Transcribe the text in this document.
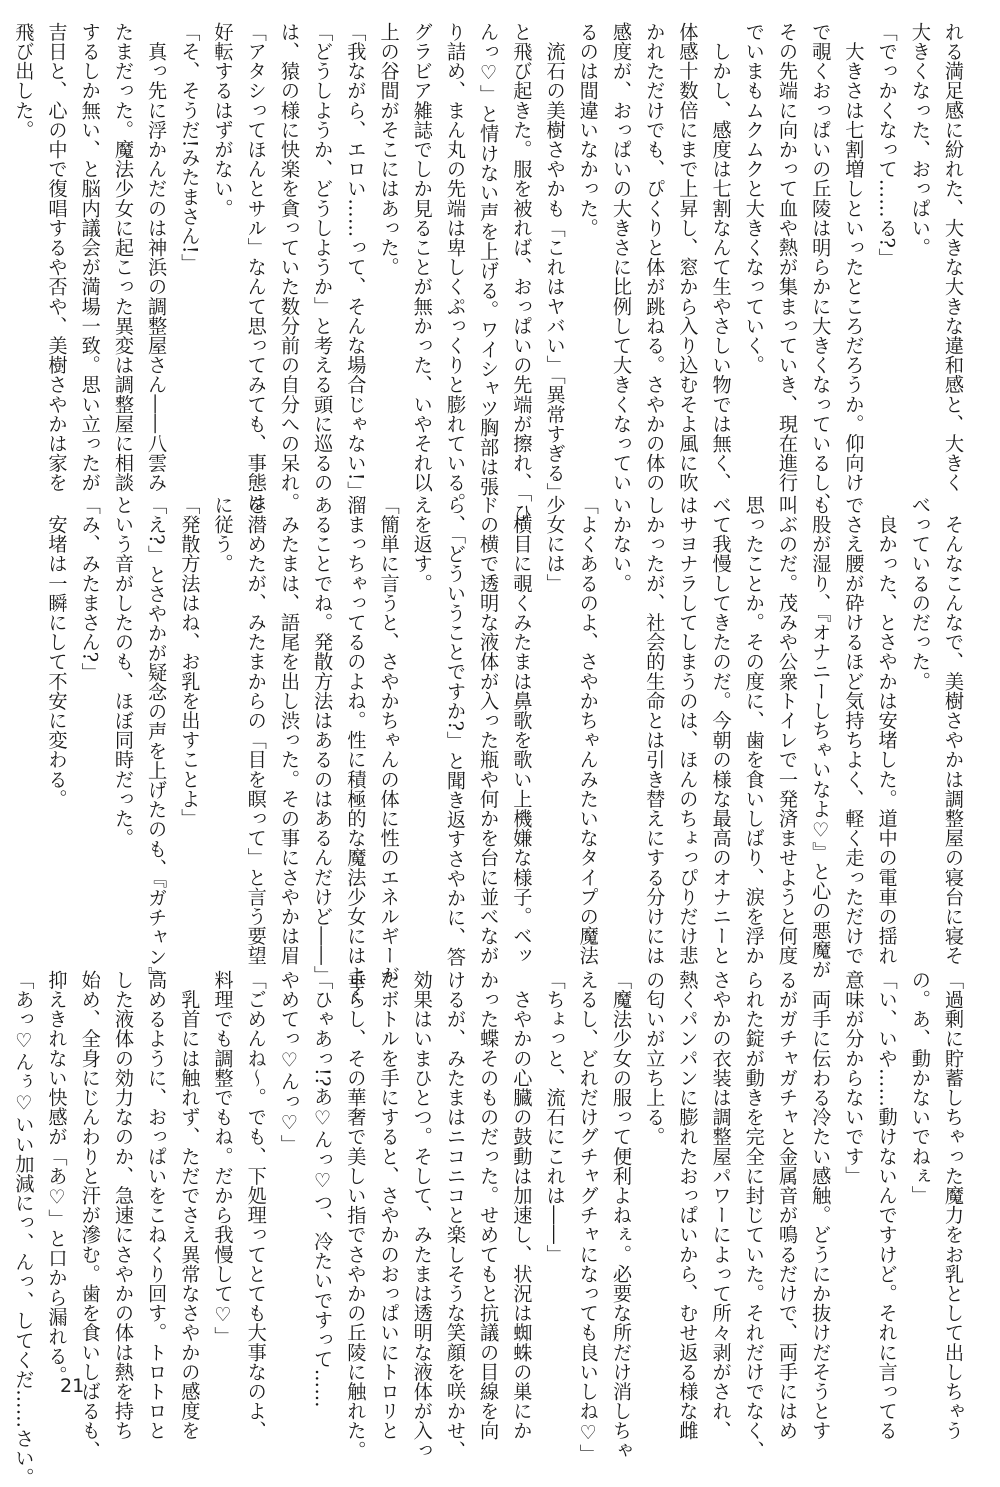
れる満足感に紛れた、大きな大きな違和感と、大きく

大きくなった、おっぱい。

「でっかくなって……る?」

　大きさは七割増しといったところだろうか。仰向け

で覗くおっぱいの丘陵は明らかに大きくなっているし、

その先端に向かって血や熱が集まっていき、現在進行

でいまもムクムクと大きくなっていく。

　しかし、感度は七割なんて生やさしい物では無く、

体感十数倍にまで上昇し、窓から入り込むそよ風に吹

かれただけでも、ぴくりと体が跳ねる。さやかの体の

感度が、おっぱいの大きさに比例して大きくなってい

るのは間違いなかった。

　流石の美樹さやかも「これはヤバい」「異常すぎる」

と飛び起きた。服を被れば、おっぱいの先端が擦れ、「ひ

んっ♡」と情けない声を上げる。ワイシャツ胸部は張

り詰め、まん丸の先端は卑しくぷっくりと膨れている。

グラビア雑誌でしか見ることが無かった、いやそれ以

上の谷間がそこにはあった。

「我ながら、エロい……って、そんな場合じゃない!」

「どうしようか、どうしようか」と考える頭に巡るの

は、猿の様に快楽を貪っていた数分前の自分への呆れ。

「アタシってほんとサル」なんて思ってみても、事態は

好転するはずがない。

「そ、そうだ!みたまさん!」

　真っ先に浮かんだのは神浜の調整屋さん――八雲み

たまだった。魔法少女に起こった異変は調整屋に相談

するしか無い、と脳内議会が満場一致。思い立ったが

吉日と、心の中で復唱するや否や、美樹さやかは家を

飛び出した。

　そんなこんなで、美樹さやかは調整屋の寝台に寝そ

べっているのだった。

　良かった、とさやかは安堵した。道中の電車の揺れ

でさえ腰が砕けるほど気持ちよく、軽く走っただけで

も股が湿り、『オナニーしちゃいなよ♡』と心の悪魔が

叫ぶのだ。茂みや公衆トイレで一発済ませようと何度

思ったことか。その度に、歯を食いしばり、涙を浮か

べて我慢してきたのだ。今朝の様な最高のオナニーと

はサヨナラしてしまうのは、ほんのちょっぴりだけ悲

しかったが、社会的生命とは引き替えにする分けには

いかない。

「よくあるのよ、さやかちゃんみたいなタイプの魔法

少女には」

　横目に覗くみたまは鼻歌を歌い上機嫌な様子。ベッ

ドの横で透明な液体が入った瓶や何かを台に並べなが

ら、「どういうことですか?」と聞き返すさやかに、答

えを返す。

「簡単に言うと、さやかちゃんの体に性のエネルギーが

溜まっちゃってるのよね。性に積極的な魔法少女にはよく

あることでね。発散方法はあるのはあるんだけど――」

　みたまは、語尾を出し渋った。その事にさやかは眉

を潜めたが、みたまからの「目を瞑って」と言う要望

に従う。

「発散方法はね、お乳を出すことよ」

「え?」とさやかが疑念の声を上げたのも、『ガチャン』

という音がしたのも、ほぼ同時だった。

「み、みたまさん?」

　安堵は一瞬にして不安に変わる。

「過剰に貯蓄しちゃった魔力をお乳として出しちゃう

の。あ、動かないでねぇ」

「い、いや……動けないんですけど。それに言ってる

意味が分からないです」

　両手に伝わる冷たい感触。どうにか抜けだそうとす

るがガチャガチャと金属音が鳴るだけで、両手にはめ

られた錠が動きを完全に封じていた。それだけでなく、

さやかの衣装は調整屋パワーによって所々剥がされ、

熱くパンパンに膨れたおっぱいから、むせ返る様な雌

の匂いが立ち上る。

「魔法少女の服って便利よねぇ。必要な所だけ消しちゃ

えるし、どれだけグチャグチャになっても良いしね♡」

「ちょっと、流石にこれは――」

　さやかの心臓の鼓動は加速し、状況は蜘蛛の巣にか

かった蝶そのものだった。せめてもと抗議の目線を向

けるが、みたまはニコニコと楽しそうな笑顔を咲かせ、

効果はいまひとつ。そして、みたまは透明な液体が入っ

たボトルを手にすると、さやかのおっぱいにトロリと

垂らし、その華奢で美しい指でさやかの丘陵に触れた。

「ひゃあっ!?あ♡んっ♡つ、冷たいですって……

やめてっ♡んっ♡」

「ごめんね～。でも、下処理ってとても大事なのよ、

料理でも調整でもね。だから我慢して♡」

　乳首には触れず、ただでさえ異常なさやかの感度を

高めるように、おっぱいをこねくり回す。トロトロと

した液体の効力なのか、急速にさやかの体は熱を持ち

始め、全身にじんわりと汗が滲む。歯を食いしばるも、

抑えきれない快感が「あ♡」と口から漏れる。

「あっ♡んぅ♡いい加減にっ、んっ、してくだ……さい。 21
